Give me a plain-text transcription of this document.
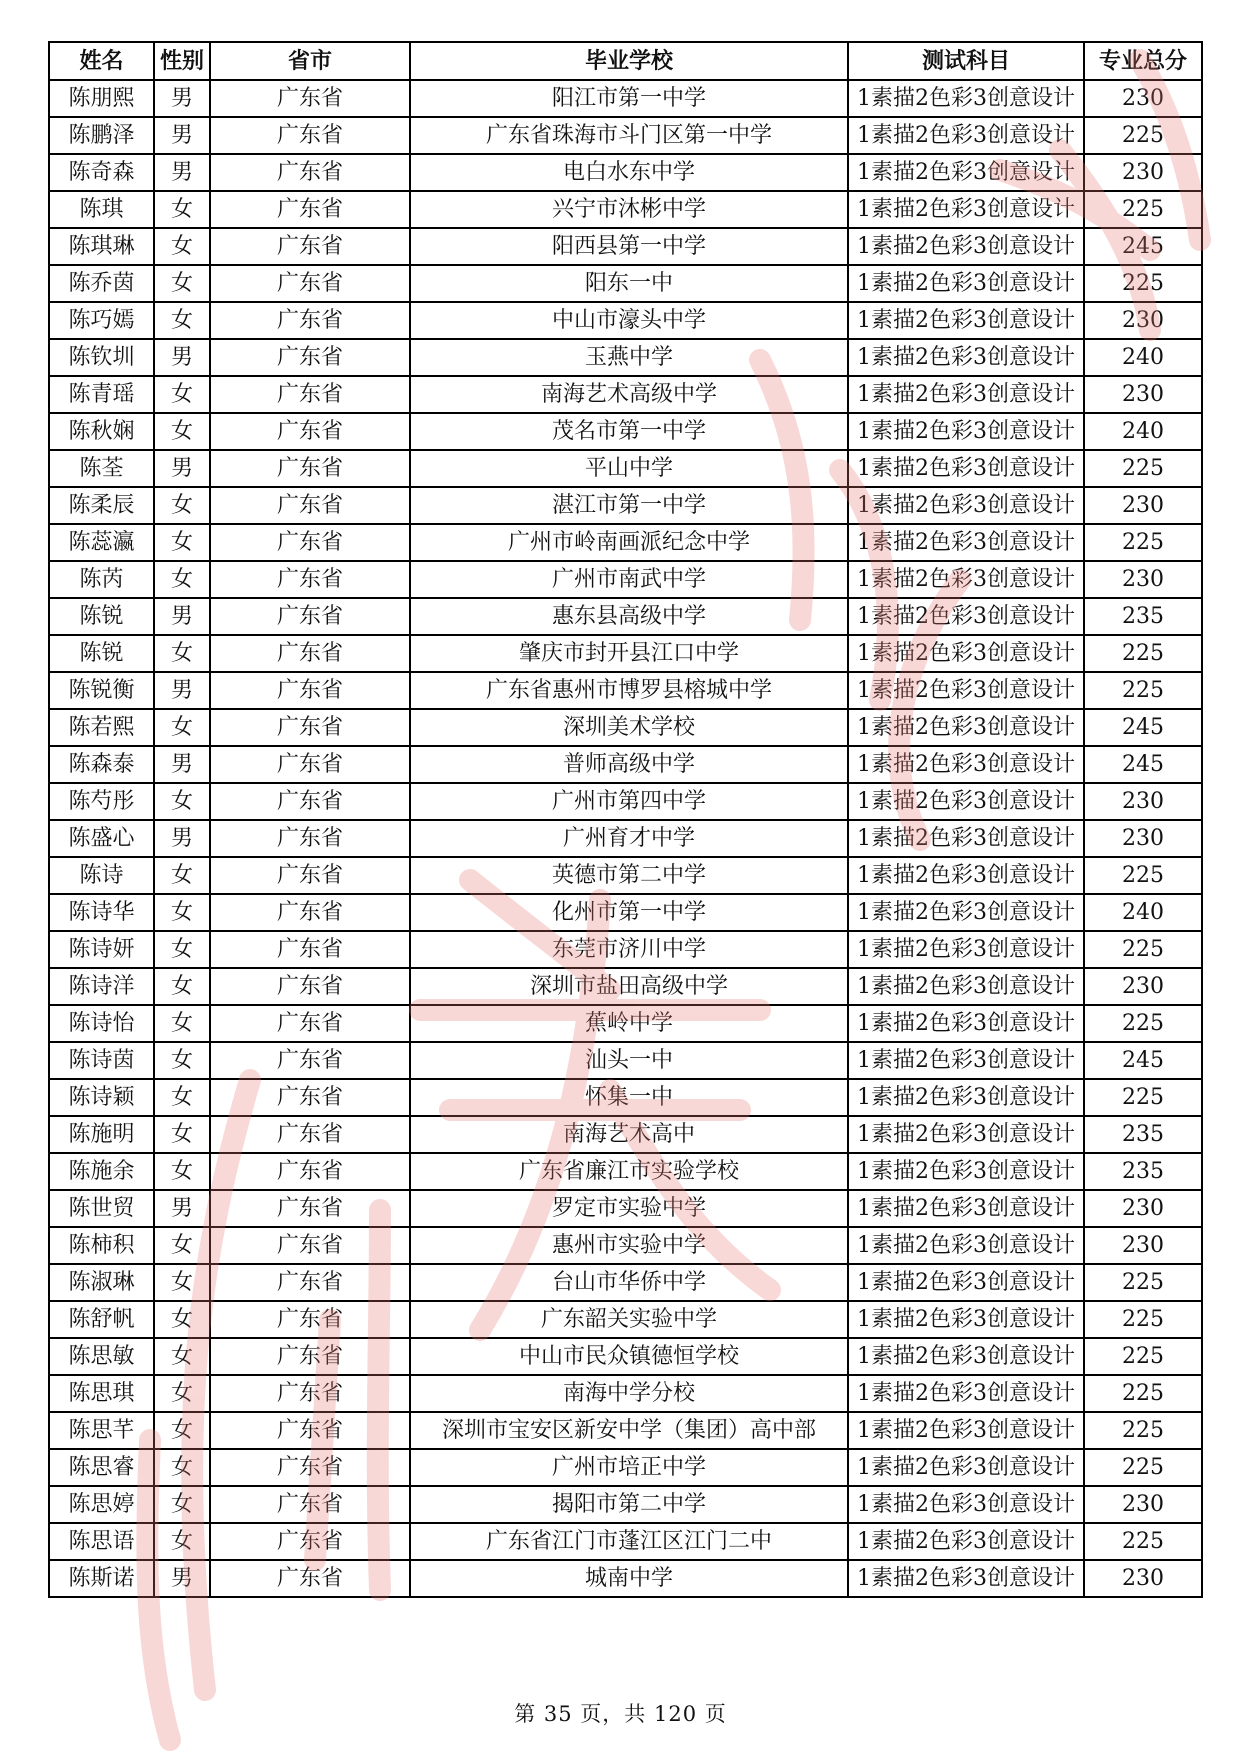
姓名	性别	省市	毕业学校	测试科目	专业总分
陈朋熙	男	广东省	阳江市第一中学	1素描2色彩3创意设计	230
陈鹏泽	男	广东省	广东省珠海市斗门区第一中学	1素描2色彩3创意设计	225
陈奇森	男	广东省	电白水东中学	1素描2色彩3创意设计	230
陈琪	女	广东省	兴宁市沐彬中学	1素描2色彩3创意设计	225
陈琪琳	女	广东省	阳西县第一中学	1素描2色彩3创意设计	245
陈乔茵	女	广东省	阳东一中	1素描2色彩3创意设计	225
陈巧嫣	女	广东省	中山市濠头中学	1素描2色彩3创意设计	230
陈钦圳	男	广东省	玉燕中学	1素描2色彩3创意设计	240
陈青瑶	女	广东省	南海艺术高级中学	1素描2色彩3创意设计	230
陈秋娴	女	广东省	茂名市第一中学	1素描2色彩3创意设计	240
陈荃	男	广东省	平山中学	1素描2色彩3创意设计	225
陈柔辰	女	广东省	湛江市第一中学	1素描2色彩3创意设计	230
陈蕊瀛	女	广东省	广州市岭南画派纪念中学	1素描2色彩3创意设计	225
陈芮	女	广东省	广州市南武中学	1素描2色彩3创意设计	230
陈锐	男	广东省	惠东县高级中学	1素描2色彩3创意设计	235
陈锐	女	广东省	肇庆市封开县江口中学	1素描2色彩3创意设计	225
陈锐衡	男	广东省	广东省惠州市博罗县榕城中学	1素描2色彩3创意设计	225
陈若熙	女	广东省	深圳美术学校	1素描2色彩3创意设计	245
陈森泰	男	广东省	普师高级中学	1素描2色彩3创意设计	245
陈芍彤	女	广东省	广州市第四中学	1素描2色彩3创意设计	230
陈盛心	男	广东省	广州育才中学	1素描2色彩3创意设计	230
陈诗	女	广东省	英德市第二中学	1素描2色彩3创意设计	225
陈诗华	女	广东省	化州市第一中学	1素描2色彩3创意设计	240
陈诗妍	女	广东省	东莞市济川中学	1素描2色彩3创意设计	225
陈诗洋	女	广东省	深圳市盐田高级中学	1素描2色彩3创意设计	230
陈诗怡	女	广东省	蕉岭中学	1素描2色彩3创意设计	225
陈诗茵	女	广东省	汕头一中	1素描2色彩3创意设计	245
陈诗颖	女	广东省	怀集一中	1素描2色彩3创意设计	225
陈施明	女	广东省	南海艺术高中	1素描2色彩3创意设计	235
陈施余	女	广东省	广东省廉江市实验学校	1素描2色彩3创意设计	235
陈世贸	男	广东省	罗定市实验中学	1素描2色彩3创意设计	230
陈柿积	女	广东省	惠州市实验中学	1素描2色彩3创意设计	230
陈淑琳	女	广东省	台山市华侨中学	1素描2色彩3创意设计	225
陈舒帆	女	广东省	广东韶关实验中学	1素描2色彩3创意设计	225
陈思敏	女	广东省	中山市民众镇德恒学校	1素描2色彩3创意设计	225
陈思琪	女	广东省	南海中学分校	1素描2色彩3创意设计	225
陈思芊	女	广东省	深圳市宝安区新安中学（集团）高中部	1素描2色彩3创意设计	225
陈思睿	女	广东省	广州市培正中学	1素描2色彩3创意设计	225
陈思婷	女	广东省	揭阳市第二中学	1素描2色彩3创意设计	230
陈思语	女	广东省	广东省江门市蓬江区江门二中	1素描2色彩3创意设计	225
陈斯诺	男	广东省	城南中学	1素描2色彩3创意设计	230
第 35 页，共 120 页
